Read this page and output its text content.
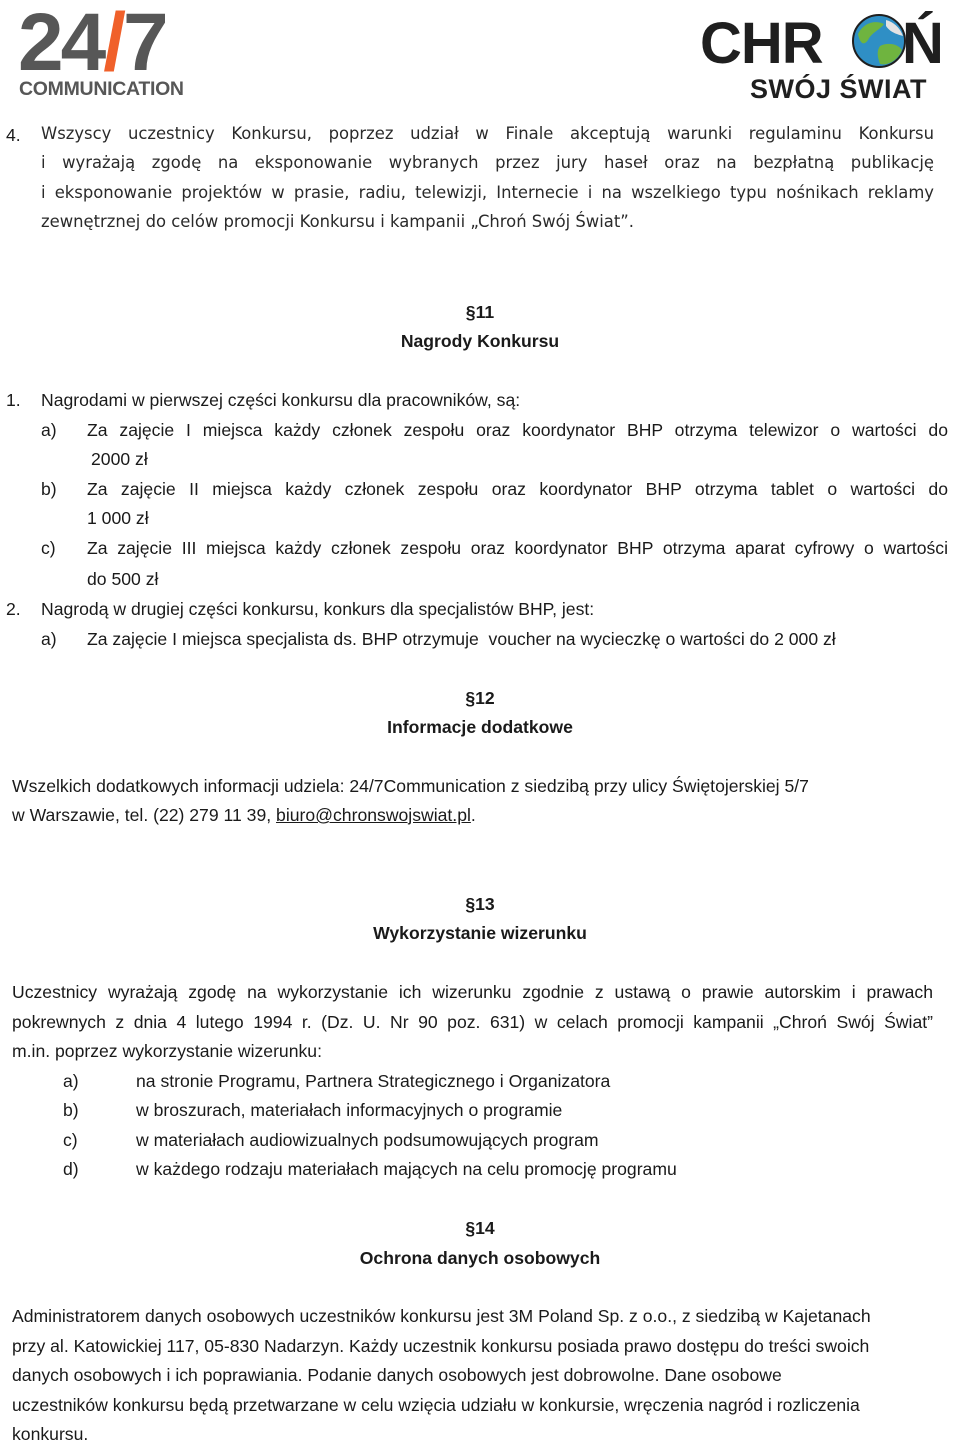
24/7
COMMUNICATION
CHR Ń
SWÓJ ŚWIAT
4. Wszyscy uczestnicy Konkursu, poprzez udział w Finale akceptują warunki regulaminu Konkursu
i wyrażają zgodę na eksponowanie wybranych przez jury haseł oraz na bezpłatną publikację
i eksponowanie projektów w prasie, radiu, telewizji, Internecie i na wszelkiego typu nośnikach reklamy
zewnętrznej do celów promocji Konkursu i kampanii „Chroń Swój Świat”.
§11
Nagrody Konkursu
1. Nagrodami w pierwszej części konkursu dla pracowników, są:
a) Za zajęcie I miejsca każdy członek zespołu oraz koordynator BHP otrzyma telewizor o wartości do
2000 zł
b) Za zajęcie II miejsca każdy członek zespołu oraz koordynator BHP otrzyma tablet o wartości do
1 000 zł
c) Za zajęcie III miejsca każdy członek zespołu oraz koordynator BHP otrzyma aparat cyfrowy o wartości
do 500 zł
2. Nagrodą w drugiej części konkursu, konkurs dla specjalistów BHP, jest:
a) Za zajęcie I miejsca specjalista ds. BHP otrzymuje  voucher na wycieczkę o wartości do 2 000 zł
§12
Informacje dodatkowe
Wszelkich dodatkowych informacji udziela: 24/7Communication z siedzibą przy ulicy Świętojerskiej 5/7
w Warszawie, tel. (22) 279 11 39, biuro@chronswojswiat.pl.
§13
Wykorzystanie wizerunku
Uczestnicy wyrażają zgodę na wykorzystanie ich wizerunku zgodnie z ustawą o prawie autorskim i prawach
pokrewnych z dnia 4 lutego 1994 r. (Dz. U. Nr 90 poz. 631) w celach promocji kampanii „Chroń Swój Świat”
m.in. poprzez wykorzystanie wizerunku:
a)	na stronie Programu, Partnera Strategicznego i Organizatora
b)	w broszurach, materiałach informacyjnych o programie
c)	w materiałach audiowizualnych podsumowujących program
d)	w każdego rodzaju materiałach mających na celu promocję programu
§14
Ochrona danych osobowych
Administratorem danych osobowych uczestników konkursu jest 3M Poland Sp. z o.o., z siedzibą w Kajetanach
przy al. Katowickiej 117, 05-830 Nadarzyn. Każdy uczestnik konkursu posiada prawo dostępu do treści swoich
danych osobowych i ich poprawiania. Podanie danych osobowych jest dobrowolne. Dane osobowe
uczestników konkursu będą przetwarzane w celu wzięcia udziału w konkursie, wręczenia nagród i rozliczenia
konkursu.
